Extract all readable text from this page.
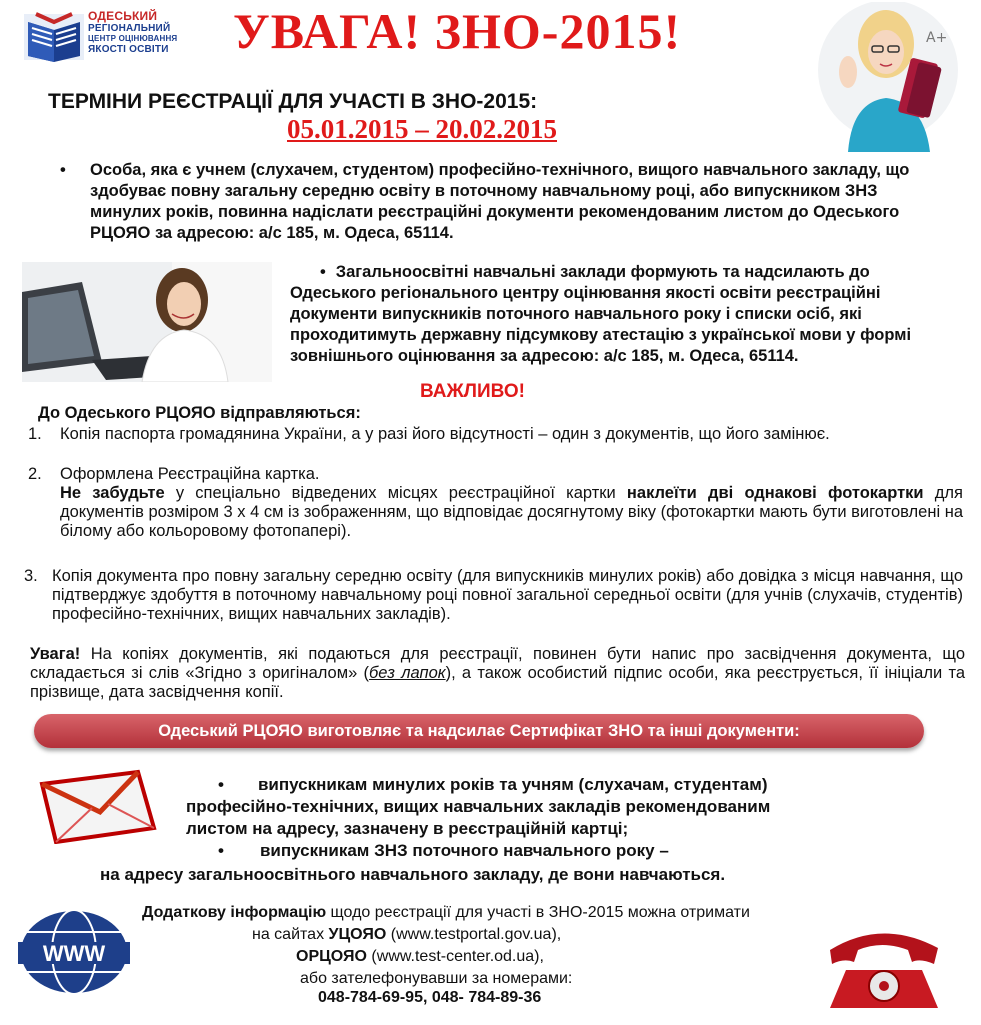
ОДЕСЬКИЙ
РЕГІОНАЛЬНИЙ
ЦЕНТР ОЦІНЮВАННЯ
ЯКОСТІ ОСВІТИ УВАГА! ЗНО-2015!
ТЕРМІНИ РЕЄСТРАЦІЇ ДЛЯ УЧАСТІ В ЗНО-2015:
05.01.2015 – 20.02.2015
A+
• Особа, яка є учнем (слухачем, студентом) професійно-технічного, вищого навчального закладу, що здобуває повну загальну середню освіту в поточному навчальному році, або випускником ЗНЗ минулих років, повинна надіслати реєстраційні документи рекомендованим листом до Одеського РЦОЯО за адресою: а/с 185, м. Одеса, 65114.
• Загальноосвітні навчальні заклади формують та надсилають до Одеського регіонального центру оцінювання якості освіти реєстраційні документи випускників поточного навчального року і списки осіб, які проходитимуть державну підсумкову атестацію з української мови у формі зовнішнього оцінювання за адресою: а/с 185, м. Одеса, 65114.
ВАЖЛИВО!
До Одеського РЦОЯО відправляються:
1. Копія паспорта громадянина України, а у разі його відсутності – один з документів, що його замінює.
2. Оформлена Реєстраційна картка.
Не забудьте у спеціально відведених місцях реєстраційної картки наклеїти дві однакові фотокартки для документів розміром 3 х 4 см із зображенням, що відповідає досягнутому віку (фотокартки мають бути виготовлені на білому або кольоровому фотопапері).
3. Копія документа про повну загальну середню освіту (для випускників минулих років) або довідка з місця навчання, що підтверджує здобуття в поточному навчальному році повної загальної середньої освіти (для учнів (слухачів, студентів) професійно-технічних, вищих навчальних закладів).
Увага! На копіях документів, які подаються для реєстрації, повинен бути напис про засвідчення документа, що складається зі слів «Згідно з оригіналом» (без лапок), а також особистий підпис особи, яка реєструється, її ініціали та прізвище, дата засвідчення копії.
Одеський РЦОЯО виготовляє та надсилає Сертифікат ЗНО та інші документи:
• випускникам минулих років та учням (слухачам, студентам)
професійно-технічних, вищих навчальних закладів рекомендованим
листом на адресу, зазначену в реєстраційній картці;
• випускникам ЗНЗ поточного навчального року –
на адресу загальноосвітнього навчального закладу, де вони навчаються.
WWW
Додаткову інформацію щодо реєстрації для участі в ЗНО-2015 можна отримати
на сайтах УЦОЯО (www.testportal.gov.ua),
ОРЦОЯО (www.test-center.od.ua),
або зателефонувавши за номерами:
048-784-69-95, 048- 784-89-36
